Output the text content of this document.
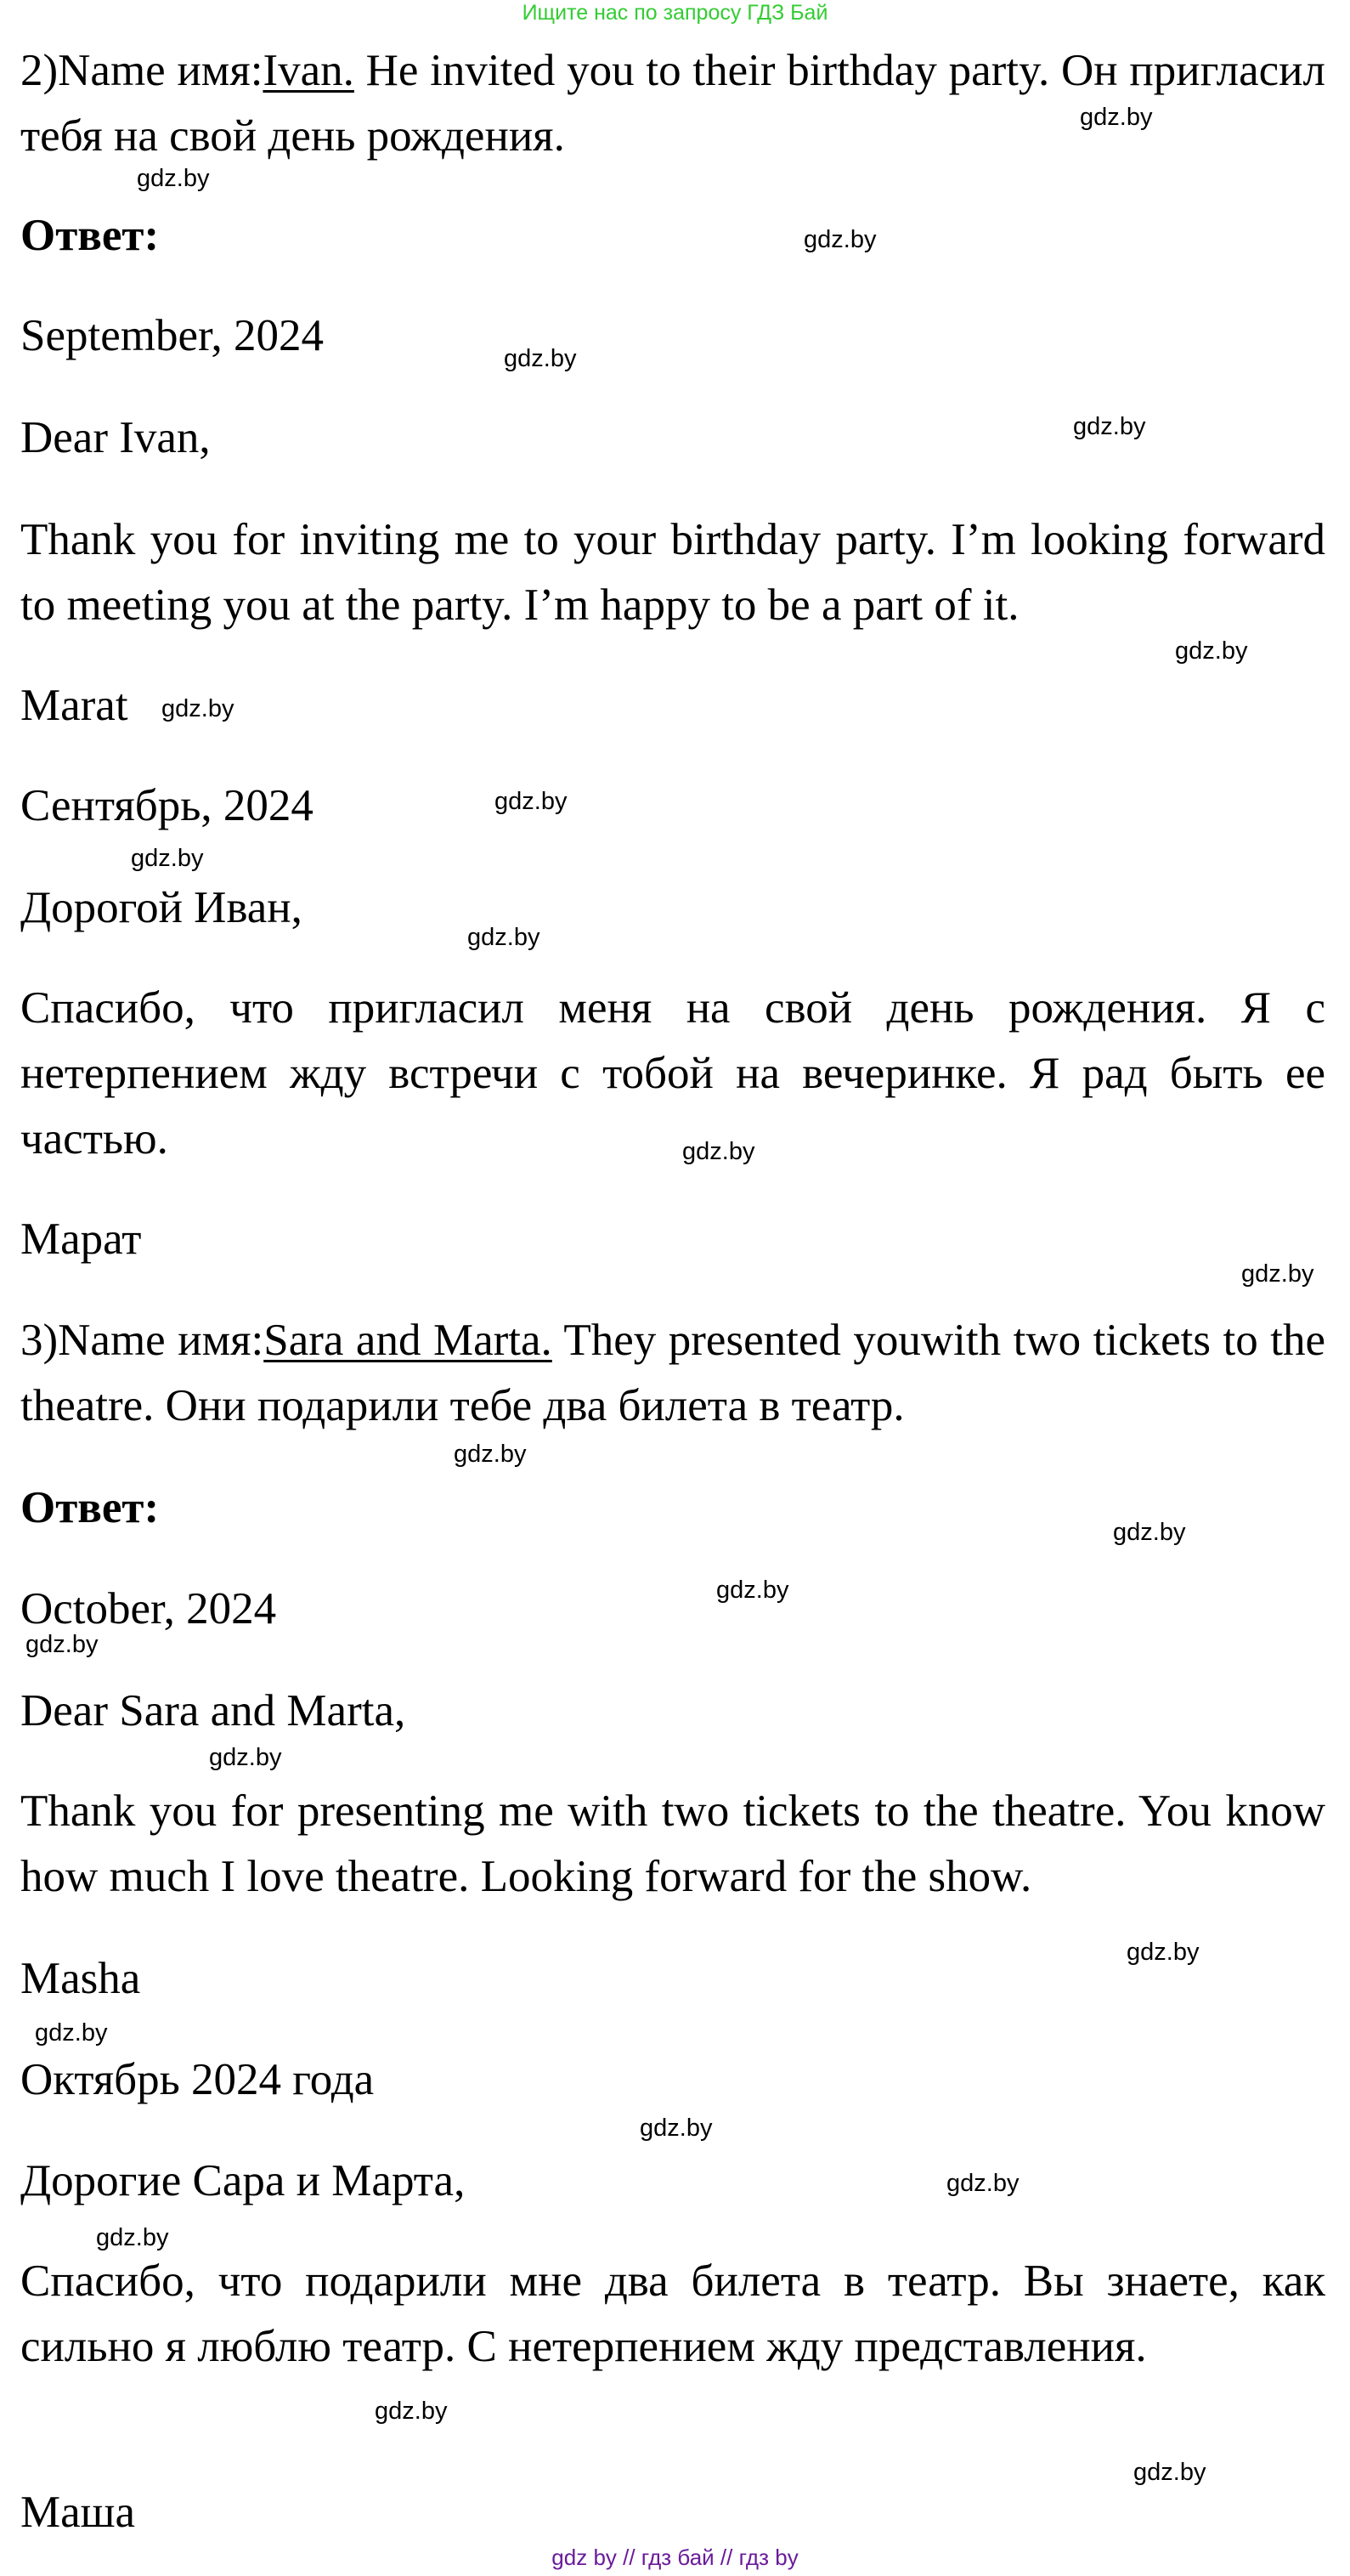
Ищите нас по запросу ГДЗ Бай

2)Name имя:Ivan. He invited you to their birthday party. Он пригласил тебя на свой день рождения.

Ответ:
September, 2024
Dear Ivan,

Thank you for inviting me to your birthday party. I’m looking forward to meeting you at the party. I’m happy to be a part of it.

Marat
Сентябрь, 2024
Дорогой Иван,

Спасибо, что пригласил меня на свой день рождения. Я с нетерпением жду встречи с тобой на вечеринке. Я рад быть ее частью.

Марат

3)Name имя:Sara and Marta. They presented youwith two tickets to the theatre. Они подарили тебе два билета в театр.

Ответ:
October, 2024
Dear Sara and Marta,

Thank you for presenting me with two tickets to the theatre. You know how much I love theatre. Looking forward for the show.

Masha
Октябрь 2024 года
Дорогие Сара и Марта,

Спасибо, что подарили мне два билета в театр. Вы знаете, как сильно я люблю театр. С нетерпением жду представления.

Маша
gdz.by
gdz.by
gdz.by
gdz.by
gdz.by
gdz.by
gdz.by
gdz.by
gdz.by
gdz.by
gdz.by
gdz.by
gdz.by
gdz.by
gdz.by
gdz.by
gdz.by
gdz.by
gdz.by
gdz.by
gdz.by
gdz.by
gdz.by
gdz.by
gdz by // гдз бай // гдз by
